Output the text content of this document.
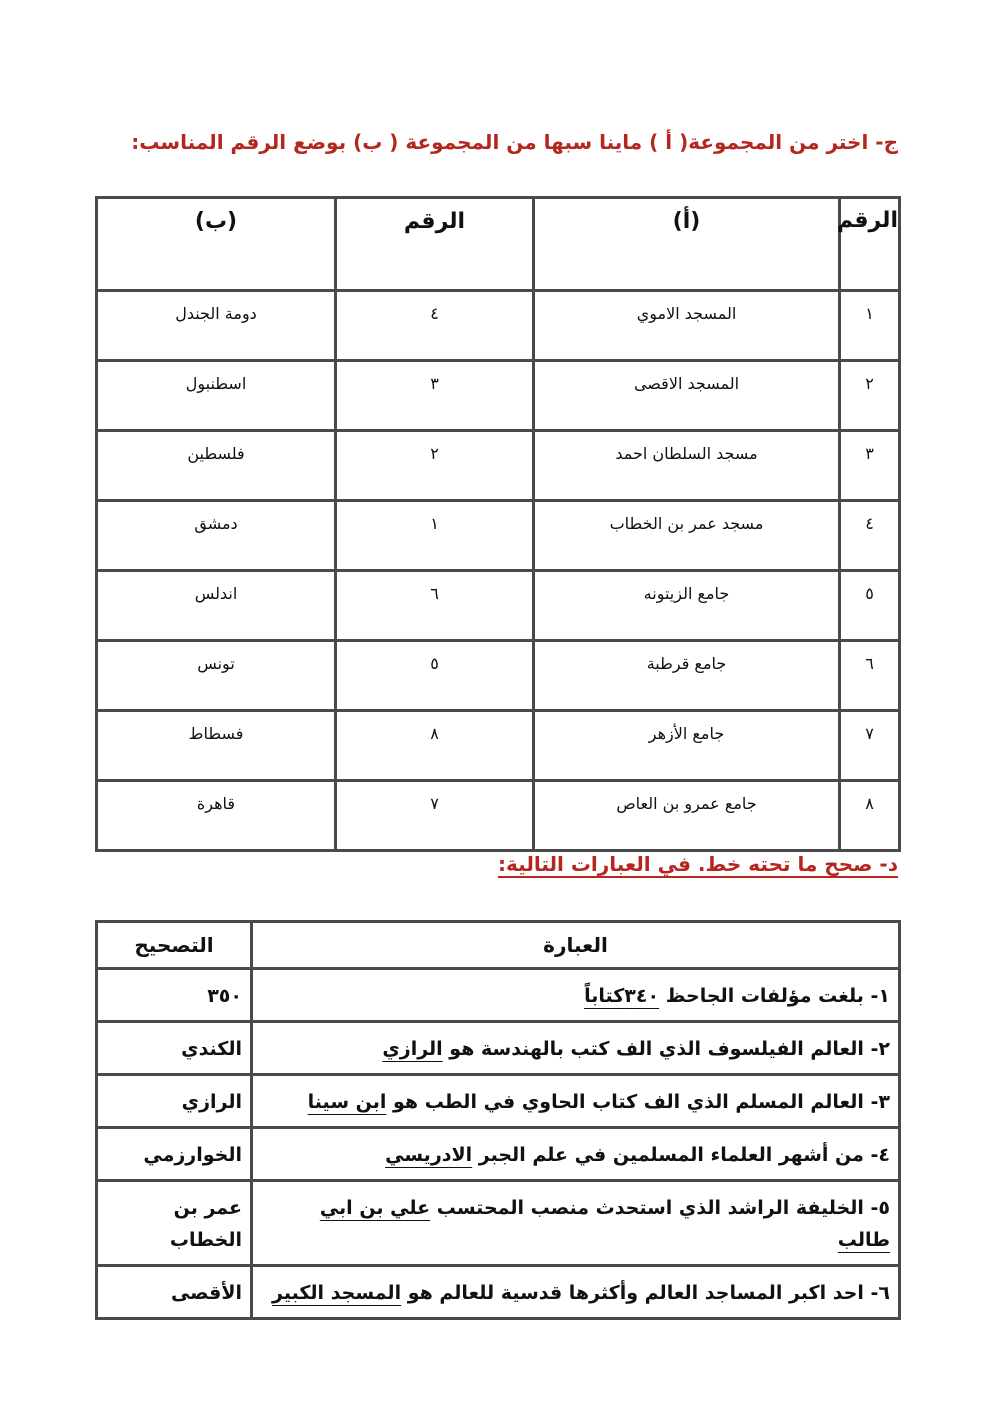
ج- اختر من المجموعة( أ ) ماينا سبها من المجموعة ( ب) بوضع الرقم المناسب:
الرقم	(أ)	الرقم	(ب)
١	المسجد الاموي	٤	دومة الجندل
٢	المسجد الاقصى	٣	اسطنبول
٣	مسجد السلطان احمد	٢	فلسطين
٤	مسجد عمر بن الخطاب	١	دمشق
٥	جامع الزيتونه	٦	اندلس
٦	جامع قرطبة	٥	تونس
٧	جامع الأزهر	٨	فسطاط
٨	جامع عمرو بن العاص	٧	قاهرة
د- صحح ما تحته خط. في العبارات التالية:
العبارة	التصحيح
١- بلغت مؤلفات الجاحظ ٣٤٠كتاباً	٣٥٠
٢- العالم الفيلسوف الذي الف كتب بالهندسة هو الرازي	الكندي
٣- العالم المسلم الذي الف كتاب الحاوي في الطب هو ابن سينا	الرازي
٤- من أشهر العلماء المسلمين في علم الجبر الادريسي	الخوارزمي
٥- الخليفة الراشد الذي استحدث منصب المحتسب علي بن ابي طالب	عمر بن الخطاب
٦- احد اكبر المساجد العالم وأكثرها قدسية للعالم هو المسجد الكبير	الأقصى
